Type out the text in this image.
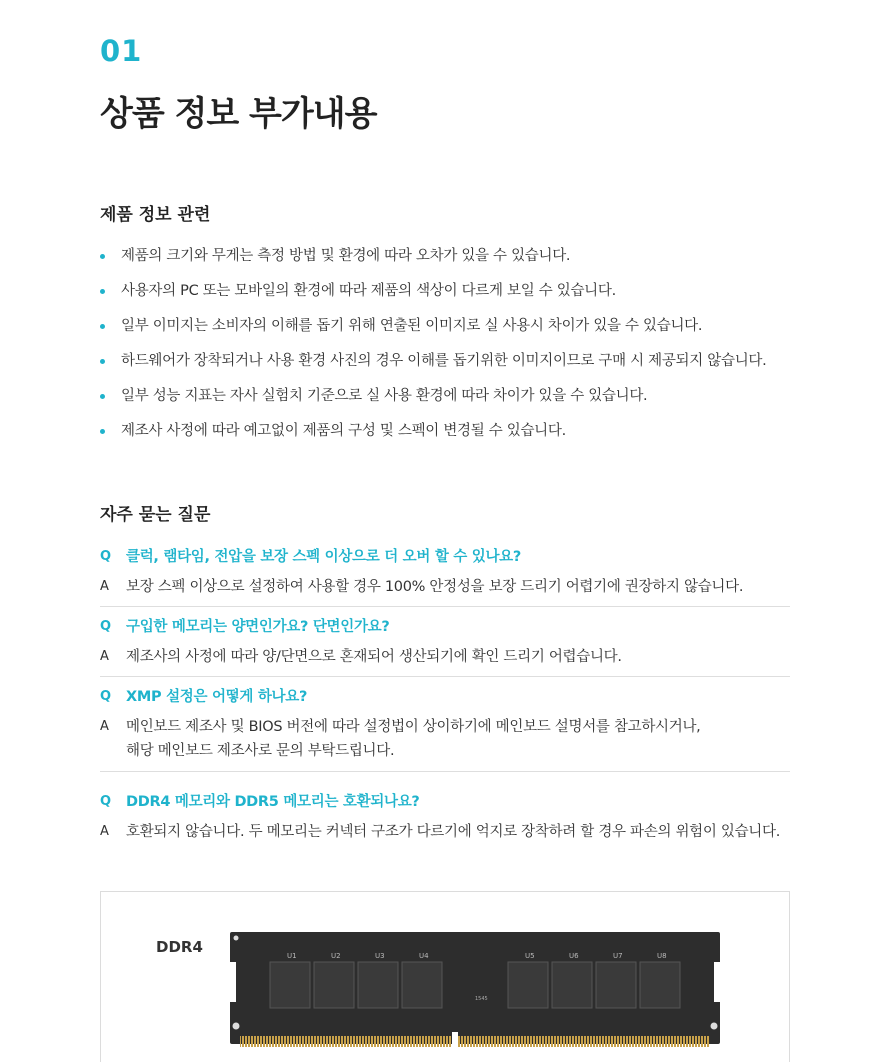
01
상품 정보 부가내용
제품 정보 관련
제품의 크기와 무게는 측정 방법 및 환경에 따라 오차가 있을 수 있습니다.
사용자의 PC 또는 모바일의 환경에 따라 제품의 색상이 다르게 보일 수 있습니다.
일부 이미지는 소비자의 이해를 돕기 위해 연출된 이미지로 실 사용시 차이가 있을 수 있습니다.
하드웨어가 장착되거나 사용 환경 사진의 경우 이해를 돕기위한 이미지이므로 구매 시 제공되지 않습니다.
일부 성능 지표는 자사 실험치 기준으로 실 사용 환경에 따라 차이가 있을 수 있습니다.
제조사 사정에 따라 예고없이 제품의 구성 및 스펙이 변경될 수 있습니다.
자주 묻는 질문
Q 클럭, 램타임, 전압을 보장 스펙 이상으로 더 오버 할 수 있나요?
A	보장 스펙 이상으로 설정하여 사용할 경우 100% 안정성을 보장 드리기 어렵기에 권장하지 않습니다.
Q 구입한 메모리는 양면인가요? 단면인가요?
A	제조사의 사정에 따라 양/단면으로 혼재되어 생산되기에 확인 드리기 어렵습니다.
Q XMP 설정은 어떻게 하나요?
A	메인보드 제조사 및 BIOS 버전에 따라 설정법이 상이하기에 메인보드 설명서를 참고하시거나,
해당 메인보드 제조사로 문의 부탁드립니다.
Q DDR4 메모리와 DDR5 메모리는 호환되나요?
A	호환되지 않습니다. 두 메모리는 커넥터 구조가 다르기에 억지로 장착하려 할 경우 파손의 위험이 있습니다.
DDR4	U1	U2	U3	U4	U5	U6	U7	U8
1545
